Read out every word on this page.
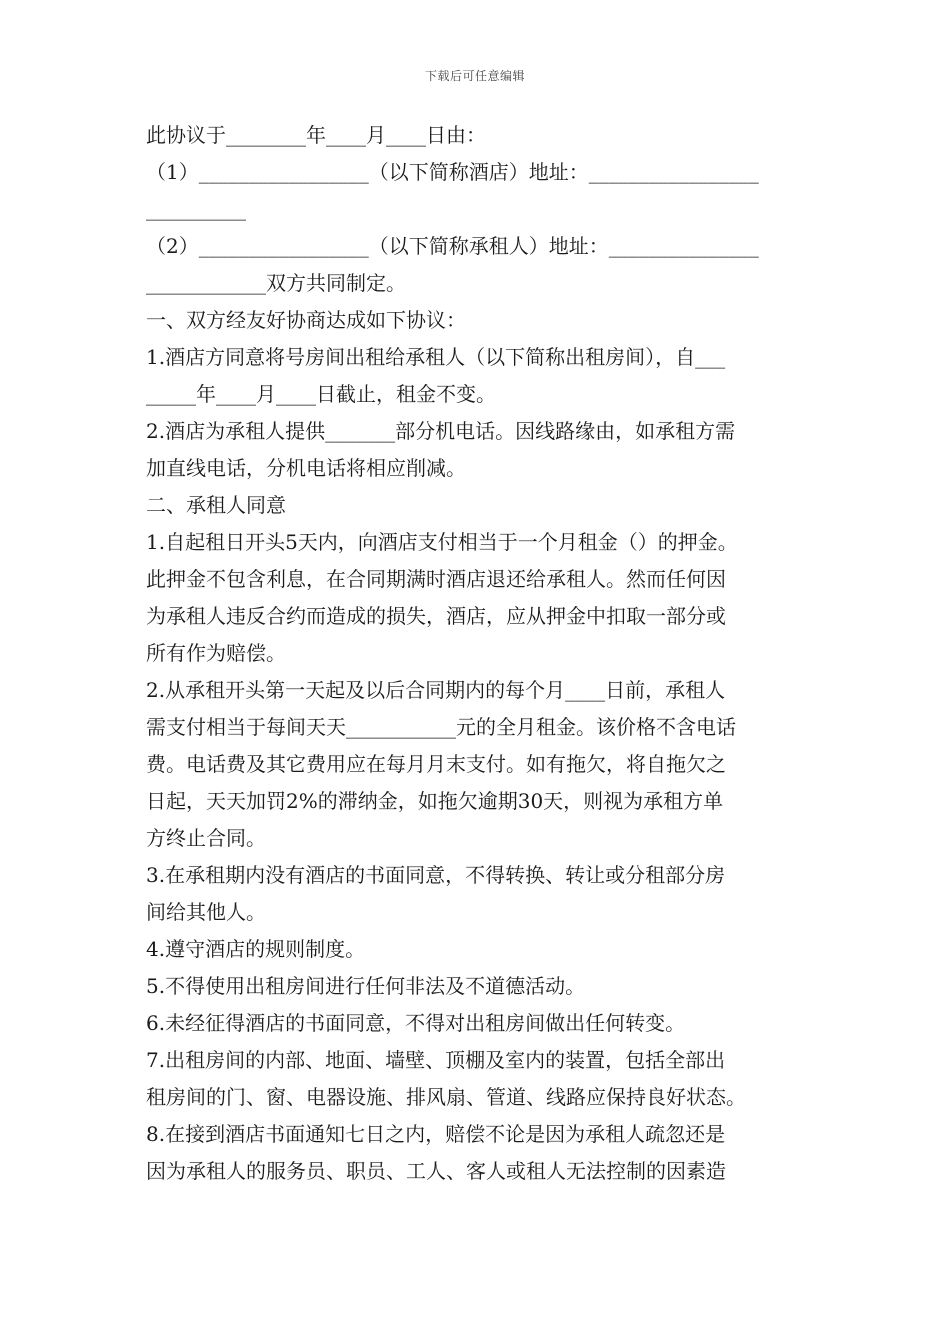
下载后可任意编辑
此协议于________年____月____日由：
（1）_________________（以下简称酒店）地址：_________________
__________
（2）_________________（以下简称承租人）地址：_______________
____________双方共同制定。
一、双方经友好协商达成如下协议：
1.酒店方同意将号房间出租给承租人（以下简称出租房间），自___
_____年____月____日截止，租金不变。
2.酒店为承租人提供_______部分机电话。因线路缘由，如承租方需
加直线电话，分机电话将相应削减。
二、承租人同意
1.自起租日开头5天内，向酒店支付相当于一个月租金（）的押金。
此押金不包含利息，在合同期满时酒店退还给承租人。然而任何因
为承租人违反合约而造成的损失，酒店，应从押金中扣取一部分或
所有作为赔偿。
2.从承租开头第一天起及以后合同期内的每个月____日前，承租人
需支付相当于每间天天___________元的全月租金。该价格不含电话
费。电话费及其它费用应在每月月末支付。如有拖欠，将自拖欠之
日起，天天加罚2%的滞纳金，如拖欠逾期30天，则视为承租方单
方终止合同。
3.在承租期内没有酒店的书面同意，不得转换、转让或分租部分房
间给其他人。
4.遵守酒店的规则制度。
5.不得使用出租房间进行任何非法及不道德活动。
6.未经征得酒店的书面同意，不得对出租房间做出任何转变。
7.出租房间的内部、地面、墙壁、顶棚及室内的装置，包括全部出
租房间的门、窗、电器设施、排风扇、管道、线路应保持良好状态。
8.在接到酒店书面通知七日之内，赔偿不论是因为承租人疏忽还是
因为承租人的服务员、职员、工人、客人或租人无法控制的因素造
